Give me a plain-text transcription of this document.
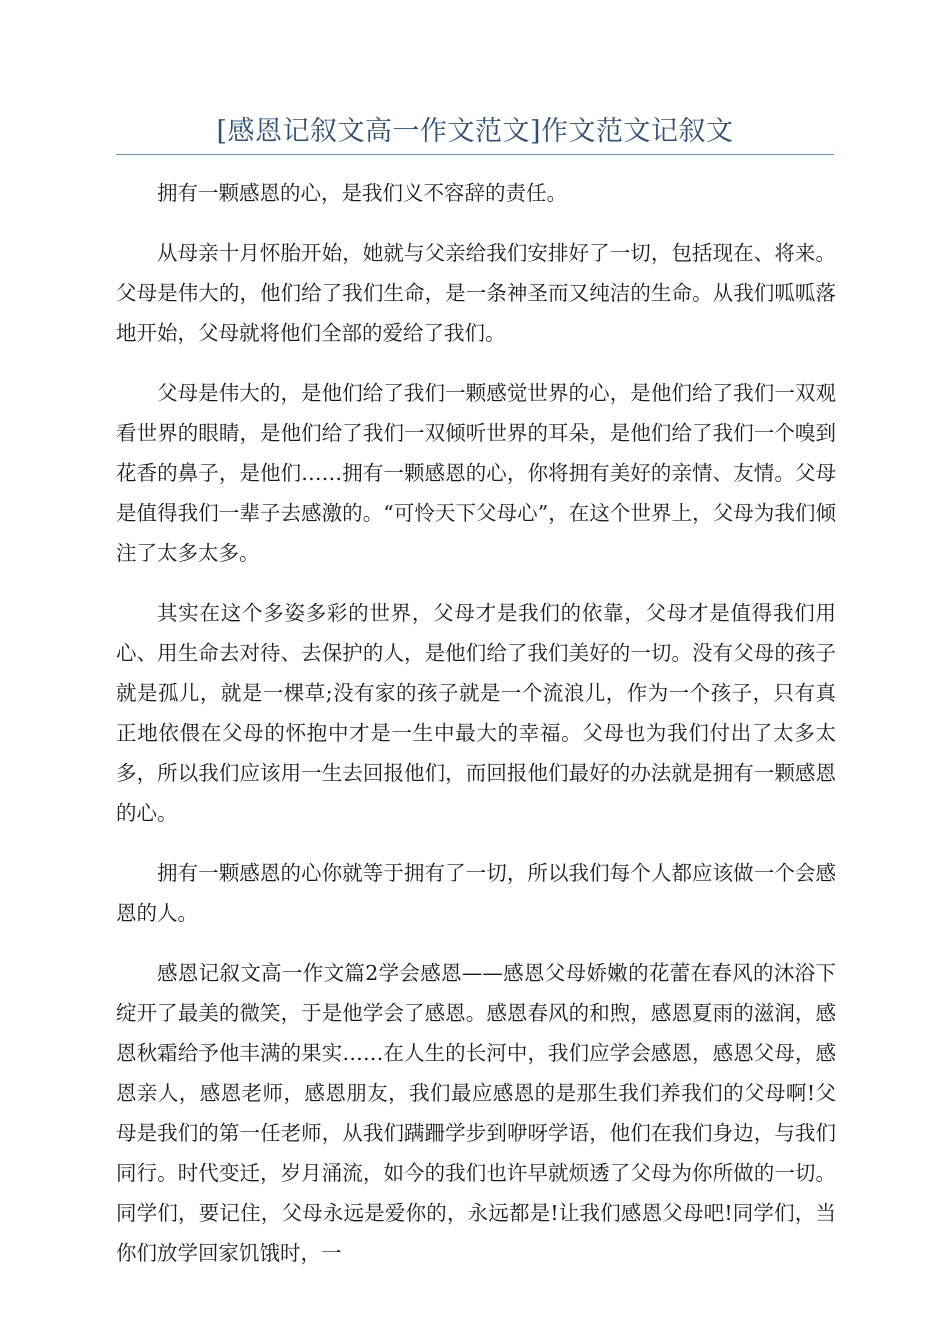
[感恩记叙文高一作文范文]作文范文记叙文

拥有一颗感恩的心，是我们义不容辞的责任。

从母亲十月怀胎开始，她就与父亲给我们安排好了一切，包括现在、将来。父母是伟大的，他们给了我们生命，是一条神圣而又纯洁的生命。从我们呱呱落地开始，父母就将他们全部的爱给了我们。

父母是伟大的，是他们给了我们一颗感觉世界的心，是他们给了我们一双观看世界的眼睛，是他们给了我们一双倾听世界的耳朵，是他们给了我们一个嗅到花香的鼻子，是他们……拥有一颗感恩的心，你将拥有美好的亲情、友情。父母是值得我们一辈子去感激的。“可怜天下父母心”，在这个世界上，父母为我们倾注了太多太多。

其实在这个多姿多彩的世界，父母才是我们的依靠，父母才是值得我们用心、用生命去对待、去保护的人，是他们给了我们美好的一切。没有父母的孩子就是孤儿，就是一棵草;没有家的孩子就是一个流浪儿，作为一个孩子，只有真正地依偎在父母的怀抱中才是一生中最大的幸福。父母也为我们付出了太多太多，所以我们应该用一生去回报他们，而回报他们最好的办法就是拥有一颗感恩的心。

拥有一颗感恩的心你就等于拥有了一切，所以我们每个人都应该做一个会感恩的人。

感恩记叙文高一作文篇2学会感恩——感恩父母娇嫩的花蕾在春风的沐浴下绽开了最美的微笑，于是他学会了感恩。感恩春风的和煦，感恩夏雨的滋润，感恩秋霜给予他丰满的果实……在人生的长河中，我们应学会感恩，感恩父母，感恩亲人，感恩老师，感恩朋友，我们最应感恩的是那生我们养我们的父母啊!父母是我们的第一任老师，从我们蹒跚学步到咿呀学语，他们在我们身边，与我们同行。时代变迁，岁月涌流，如今的我们也许早就烦透了父母为你所做的一切。同学们，要记住，父母永远是爱你的，永远都是!让我们感恩父母吧!同学们，当你们放学回家饥饿时，一
